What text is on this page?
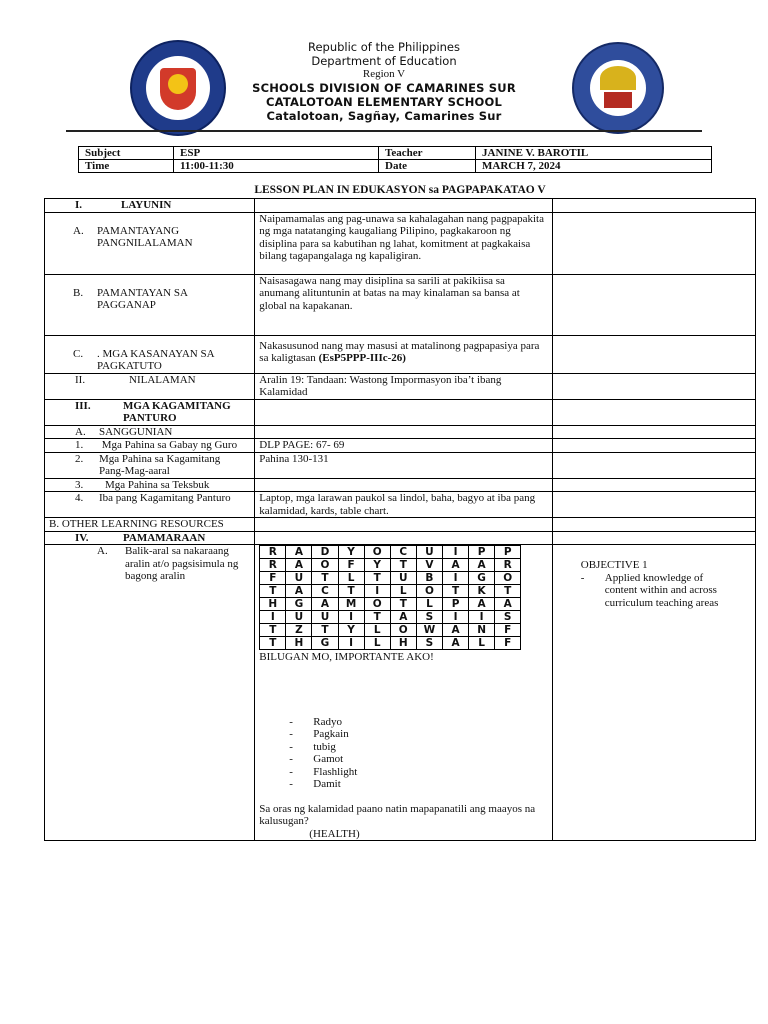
Republic of the Philippines
Department of Education
Region V
SCHOOLS DIVISION OF CAMARINES SUR
CATALOTOAN ELEMENTARY SCHOOL
Catalotoan, Sagñay, Camarines Sur
Subject	ESP	Teacher	JANINE V. BAROTIL
Time	11:00-11:30	Date	MARCH 7, 2024
LESSON PLAN IN EDUKASYON sa PAGPAPAKATAO V
I.	LAYUNIN		

A.	PAMANTAYANG PANGNILALAMAN
	Naipamamalas ang pag-unawa sa kahalagahan nang pagpapakita ng mga natatanging kaugaliang Pilipino, pagkakaroon ng disiplina para sa kabutihan ng lahat, komitment at pagkakaisa bilang tagapangalaga ng kapaligiran.	

B.	PAMANTAYAN SA PAGGANAP
	Naisasagawa nang may disiplina sa sarili at pakikiisa sa anumang alituntunin at batas na may kinalaman sa bansa at global na kapakanan.	

C.	. MGA KASANAYAN SA PAGKATUTO
	Nakasusunod nang may masusi at matalinong pagpapasiya para sa kaligtasan (EsP5PPP-IIIc-26)	
II.	NILALAMAN	Aralin 19: Tandaan: Wastong Impormasyon iba’t ibang Kalamidad	

III.	MGA KAGAMITANG PANTURO

A. SANGGUNIAN		
1. Mga Pahina sa Gabay ng Guro	DLP PAGE: 67- 69	

2.	Mga Pahina sa Kagamitang Pang-Mag-aaral
	Pahina 130-131	
3. Mga Pahina sa Teksbuk		
4. Iba pang Kagamitang Panturo	Laptop, mga larawan paukol sa lindol, baha, bagyo at iba pang kalamidad, kards, table chart.	
B. OTHER LEARNING RESOURCES		
IV.	PAMAMARAAN		

A.	Balik-aral sa nakaraang aralin at/o pagsisimula ng bagong aralin

R	A	D	Y	O	C	U	I	P	P
R	A	O	F	Y	T	V	A	A	R
F	U	T	L	T	U	B	I	G	O
T	A	C	T	I	L	O	T	K	T
H	G	A	M	O	T	L	P	A	A
I	U	U	I	T	A	S	I	I	S
T	Z	T	Y	L	O	W	A	N	F
T	H	G	I	L	H	S	A	L	F
BILUGAN MO, IMPORTANTE AKO!
- Radyo
- Pagkain
- tubig
- Gamot
- Flashlight
- Damit
Sa oras ng kalamidad paano natin mapapanatili ang maayos na kalusugan?
(HEALTH)

OBJECTIVE 1
-	Applied knowledge of content within and across curriculum teaching areas
